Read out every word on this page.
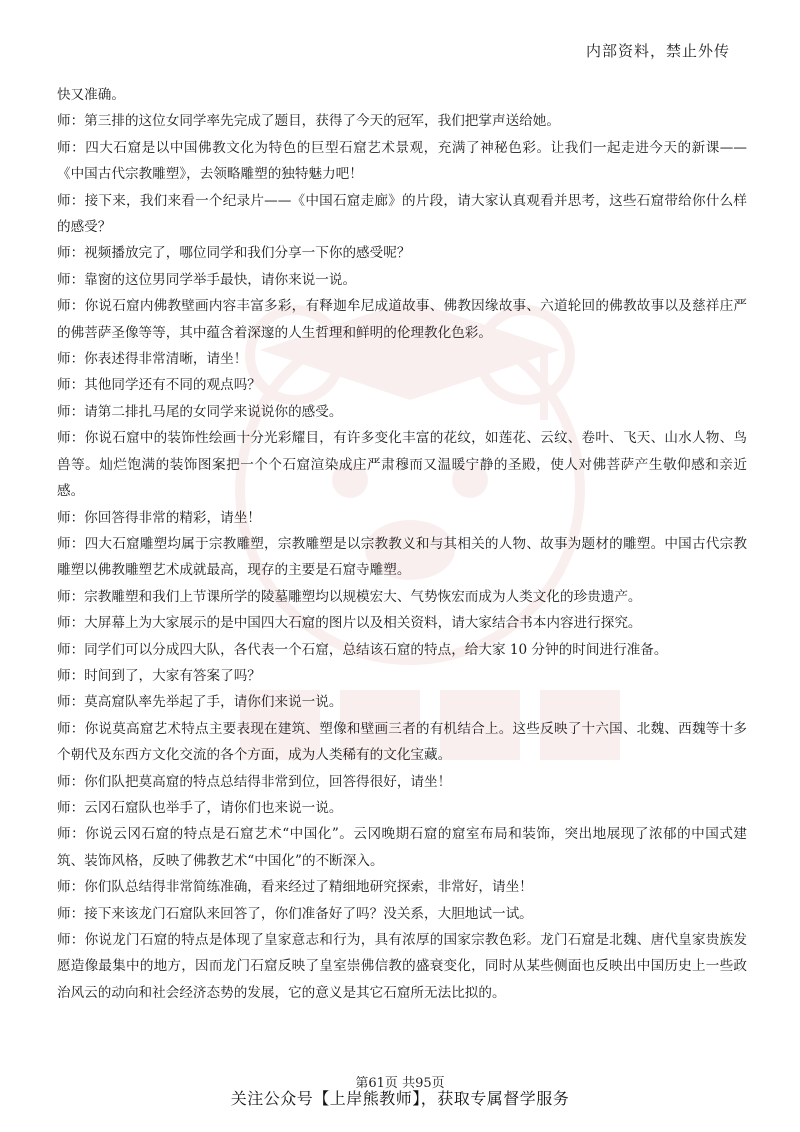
内部资料，禁止外传

快又准确。

师：第三排的这位女同学率先完成了题目，获得了今天的冠军，我们把掌声送给她。

师：四大石窟是以中国佛教文化为特色的巨型石窟艺术景观，充满了神秘色彩。让我们一起走进今天的新课——《中国古代宗教雕塑》，去领略雕塑的独特魅力吧！

师：接下来，我们来看一个纪录片——《中国石窟走廊》的片段，请大家认真观看并思考，这些石窟带给你什么样的感受？

师：视频播放完了，哪位同学和我们分享一下你的感受呢？

师：靠窗的这位男同学举手最快，请你来说一说。

师：你说石窟内佛教壁画内容丰富多彩，有释迦牟尼成道故事、佛教因缘故事、六道轮回的佛教故事以及慈祥庄严的佛菩萨圣像等等，其中蕴含着深邃的人生哲理和鲜明的伦理教化色彩。

师：你表述得非常清晰，请坐！

师：其他同学还有不同的观点吗？

师：请第二排扎马尾的女同学来说说你的感受。

师：你说石窟中的装饰性绘画十分光彩耀目，有许多变化丰富的花纹，如莲花、云纹、卷叶、飞天、山水人物、鸟兽等。灿烂饱满的装饰图案把一个个石窟渲染成庄严肃穆而又温暖宁静的圣殿，使人对佛菩萨产生敬仰感和亲近感。

师：你回答得非常的精彩，请坐！

师：四大石窟雕塑均属于宗教雕塑，宗教雕塑是以宗教教义和与其相关的人物、故事为题材的雕塑。中国古代宗教雕塑以佛教雕塑艺术成就最高，现存的主要是石窟寺雕塑。

师：宗教雕塑和我们上节课所学的陵墓雕塑均以规模宏大、气势恢宏而成为人类文化的珍贵遗产。

师：大屏幕上为大家展示的是中国四大石窟的图片以及相关资料，请大家结合书本内容进行探究。

师：同学们可以分成四大队，各代表一个石窟，总结该石窟的特点，给大家 10 分钟的时间进行准备。

师：时间到了，大家有答案了吗？

师：莫高窟队率先举起了手，请你们来说一说。

师：你说莫高窟艺术特点主要表现在建筑、塑像和壁画三者的有机结合上。这些反映了十六国、北魏、西魏等十多个朝代及东西方文化交流的各个方面，成为人类稀有的文化宝藏。

师：你们队把莫高窟的特点总结得非常到位，回答得很好，请坐！

师：云冈石窟队也举手了，请你们也来说一说。

师：你说云冈石窟的特点是石窟艺术“中国化”。云冈晚期石窟的窟室布局和装饰，突出地展现了浓郁的中国式建筑、装饰风格，反映了佛教艺术“中国化”的不断深入。

师：你们队总结得非常简练准确，看来经过了精细地研究探索，非常好，请坐！

师：接下来该龙门石窟队来回答了，你们准备好了吗？没关系，大胆地试一试。

师：你说龙门石窟的特点是体现了皇家意志和行为，具有浓厚的国家宗教色彩。龙门石窟是北魏、唐代皇家贵族发愿造像最集中的地方，因而龙门石窟反映了皇室崇佛信教的盛衰变化，同时从某些侧面也反映出中国历史上一些政治风云的动向和社会经济态势的发展，它的意义是其它石窟所无法比拟的。

第61页 共95页
关注公众号【上岸熊教师】，获取专属督学服务
